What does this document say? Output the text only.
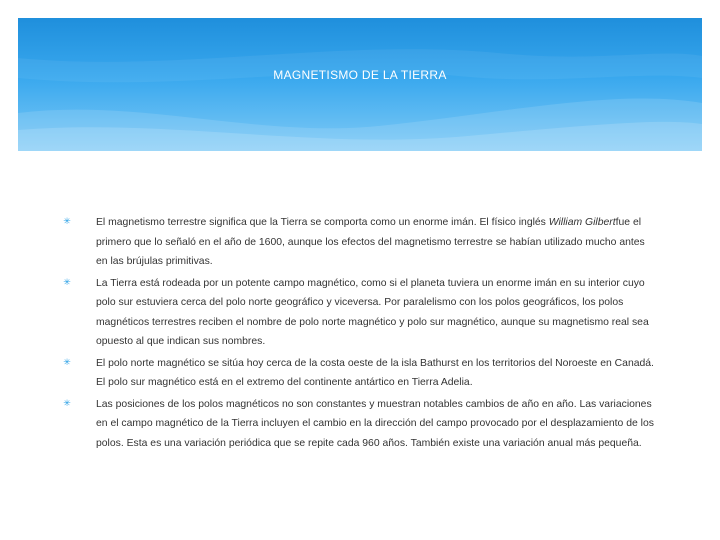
MAGNETISMO DE LA TIERRA
✳ El magnetismo terrestre significa que la Tierra se comporta como un enorme imán. El físico inglés William Gilbertfue el primero que lo señaló en el año de 1600, aunque los efectos del magnetismo terrestre se habían utilizado mucho antes en las brújulas primitivas.
✳ La Tierra está rodeada por un potente campo magnético, como si el planeta tuviera un enorme imán en su interior cuyo polo sur estuviera cerca del polo norte geográfico y viceversa. Por paralelismo con los polos geográficos, los polos magnéticos terrestres reciben el nombre de polo norte magnético y polo sur magnético, aunque su magnetismo real sea opuesto al que indican sus nombres.
✳ El polo norte magnético se sitúa hoy cerca de la costa oeste de la isla Bathurst en los territorios del Noroeste en Canadá. El polo sur magnético está en el extremo del continente antártico en Tierra Adelia.
✳ Las posiciones de los polos magnéticos no son constantes y muestran notables cambios de año en año. Las variaciones en el campo magnético de la Tierra incluyen el cambio en la dirección del campo provocado por el desplazamiento de los polos. Esta es una variación periódica que se repite cada 960 años. También existe una variación anual más pequeña.
